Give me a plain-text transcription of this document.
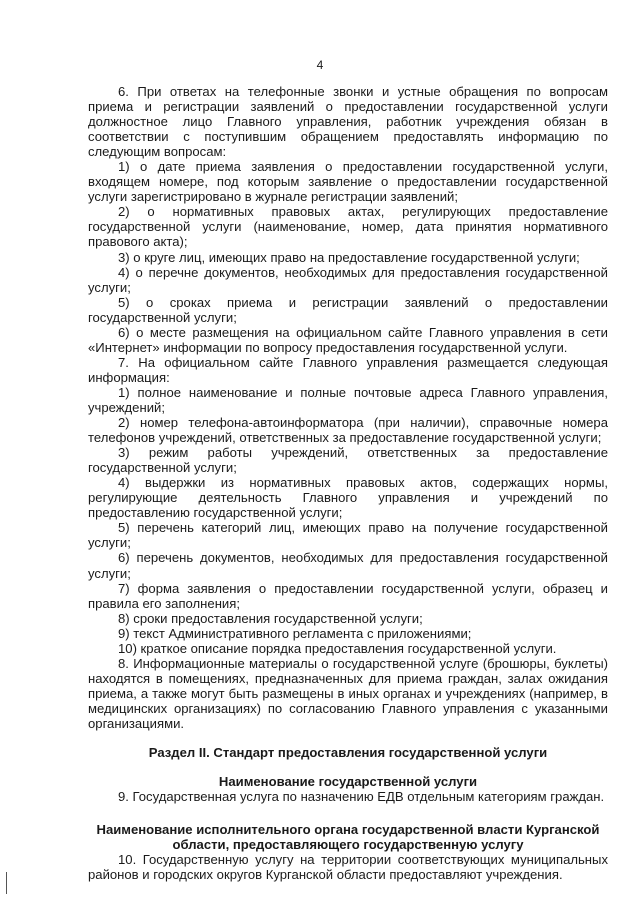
4

6. При ответах на телефонные звонки и устные обращения по вопросам приема и регистрации заявлений о предоставлении государственной услуги должностное лицо Главного управления, работник учреждения обязан в соответствии с поступившим обращением предоставлять информацию по следующим вопросам:

1) о дате приема заявления о предоставлении государственной услуги, входящем номере, под которым заявление о предоставлении государственной услуги зарегистрировано в журнале регистрации заявлений;

2) о нормативных правовых актах, регулирующих предоставление государственной услуги (наименование, номер, дата принятия нормативного правового акта);

3) о круге лиц, имеющих право на предоставление государственной услуги;

4) о перечне документов, необходимых для предоставления государственной услуги;

5) о сроках приема и регистрации заявлений о предоставлении государственной услуги;

6) о месте размещения на официальном сайте Главного управления в сети «Интернет» информации по вопросу предоставления государственной услуги.

7. На официальном сайте Главного управления размещается следующая информация:

1) полное наименование и полные почтовые адреса Главного управления, учреждений;

2) номер телефона-автоинформатора (при наличии), справочные номера телефонов учреждений, ответственных за предоставление государственной услуги;

3) режим работы учреждений, ответственных за предоставление государственной услуги;

4) выдержки из нормативных правовых актов, содержащих нормы, регулирующие деятельность Главного управления и учреждений по предоставлению государственной услуги;

5) перечень категорий лиц, имеющих право на получение государственной услуги;

6) перечень документов, необходимых для предоставления государственной услуги;

7) форма заявления о предоставлении государственной услуги, образец и правила его заполнения;

8) сроки предоставления государственной услуги;

9) текст Административного регламента с приложениями;

10) краткое описание порядка предоставления государственной услуги.

8. Информационные материалы о государственной услуге (брошюры, буклеты) находятся в помещениях, предназначенных для приема граждан, залах ожидания приема, а также могут быть размещены в иных органах и учреждениях (например, в медицинских организациях) по согласованию Главного управления с указанными организациями.

Раздел II. Стандарт предоставления государственной услуги

Наименование государственной услуги

9. Государственная услуга по назначению ЕДВ отдельным категориям граждан.

Наименование исполнительного органа государственной власти Курганской области, предоставляющего государственную услугу

10. Государственную услугу на территории соответствующих муниципальных районов и городских округов Курганской области предоставляют учреждения.
